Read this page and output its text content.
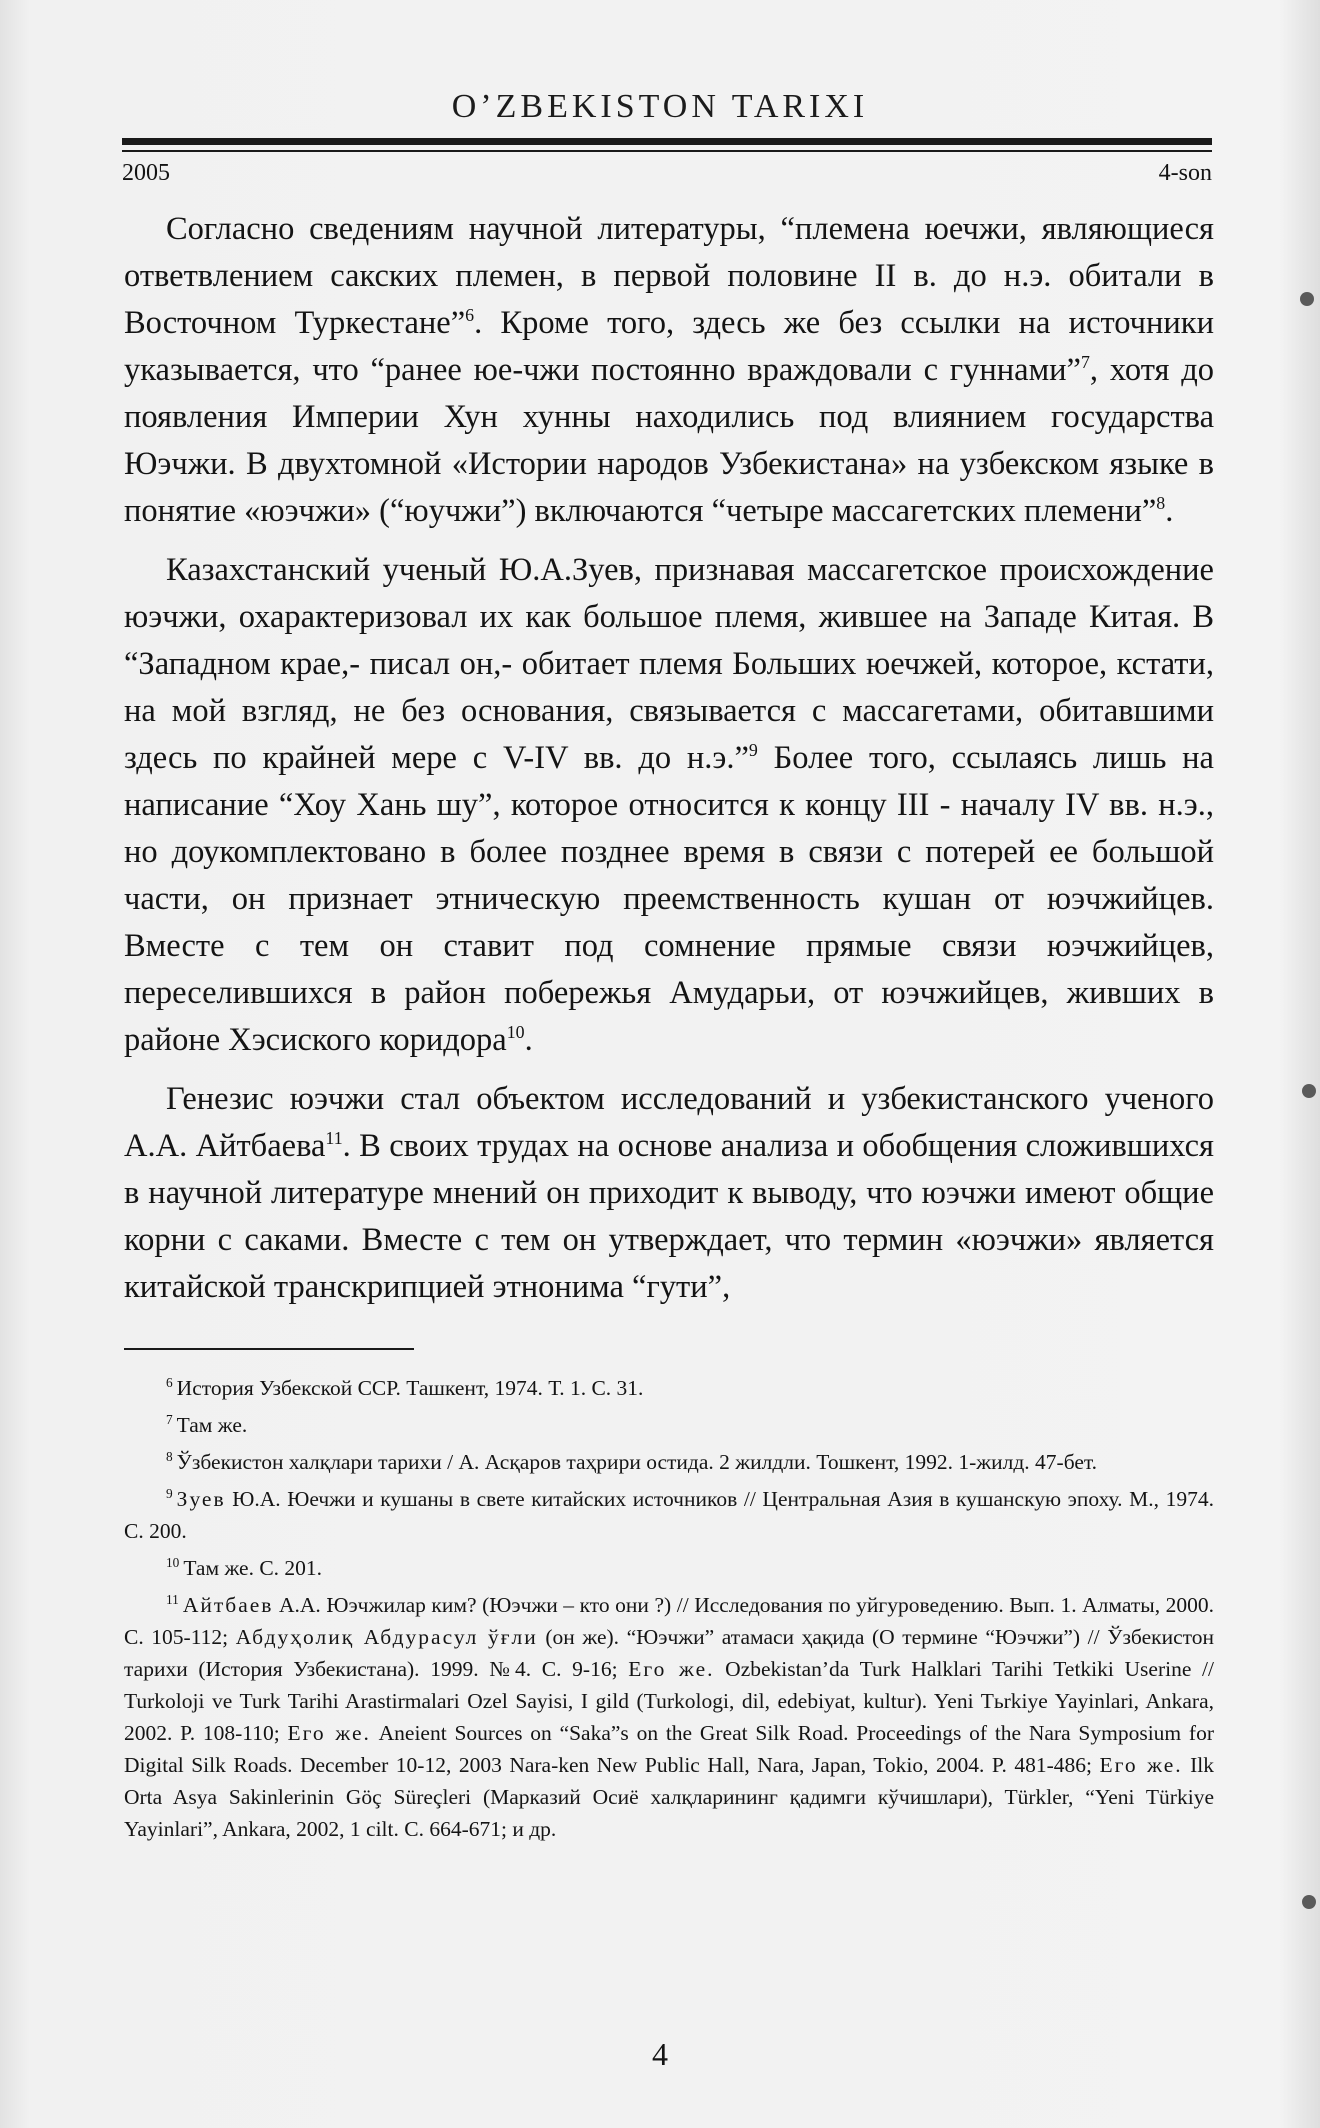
O’ZBEKISTON TARIXI
2005	4-son

Согласно сведениям научной литературы, “племена юечжи, являющиеся ответвлением сакских племен, в первой половине II в. до н.э. обитали в Восточном Туркестане”$^6$. Кроме того, здесь же без ссылки на источники указывается, что “ранее юе-чжи постоянно враждовали с гуннами”$^7$, хотя до появления Империи Хун хунны находились под влиянием государства Юэчжи. В двухтомной «Истории народов Узбекистана» на узбекском языке в понятие «юэчжи» (“юучжи”) включаются “четыре массагетских племени”$^8$.

Казахстанский ученый Ю.А.Зуев, признавая массагетское происхождение юэчжи, охарактеризовал их как большое племя, жившее на Западе Китая. В “Западном крае,- писал он,- обитает племя Больших юечжей, которое, кстати, на мой взгляд, не без основания, связывается с массагетами, обитавшими здесь по крайней мере с V-IV вв. до н.э.”$^9$ Более того, ссылаясь лишь на написание “Хоу Хань шу”, которое относится к концу III - началу IV вв. н.э., но доукомплектовано в более позднее время в связи с потерей ее большой части, он признает этническую преемственность кушан от юэчжийцев. Вместе с тем он ставит под сомнение прямые связи юэчжийцев, переселившихся в район побережья Амударьи, от юэчжийцев, живших в районе Хэсиского коридора$^{10}$.

Генезис юэчжи стал объектом исследований и узбекистанского ученого А.А. Айтбаева$^{11}$. В своих трудах на основе анализа и обобщения сложившихся в научной литературе мнений он приходит к выводу, что юэчжи имеют общие корни с саками. Вместе с тем он утверждает, что термин «юэчжи» является китайской транскрипцией этнонима “гути”,

$^6$ История Узбекской ССР. Ташкент, 1974. Т. 1. С. 31.

$^7$ Там же.

$^8$ Ўзбекистон халқлари тарихи / А. Асқаров таҳрири остида. 2 жилдли. Тошкент, 1992. 1-жилд. 47-бет.

$^9$ Зуев Ю.А. Юечжи и кушаны в свете китайских источников // Центральная Азия в кушанскую эпоху. М., 1974. С. 200.

$^{10}$ Там же. С. 201.

$^{11}$ Айтбаев А.А. Юэчжилар ким? (Юэчжи – кто они ?) // Исследования по уйгуроведению. Вып. 1. Алматы, 2000. С. 105-112; Абдуҳолиқ Абдурасул ўғли (он же). “Юэчжи” атамаси ҳақида (О термине “Юэчжи”) // Ўзбекистон тарихи (История Узбекистана). 1999. №4. С. 9-16; Его же. Ozbekistan’da Turk Halklari Tarihi Tetkiki Userine // Turkoloji ve Turk Tarihi Arastirmalari Ozel Sayisi, I gild (Turkologi, dil, edebiyat, kultur). Yeni Tьrkiye Yayinlari, Ankara, 2002. P. 108-110; Его же. Aneient Sources on “Saka”s on the Great Silk Road. Proceedings of the Nara Symposium for Digital Silk Roads. December 10-12, 2003 Nara-ken New Public Hall, Nara, Japan, Tokio, 2004. P. 481-486; Его же. Ilk Orta Asya Sakinlerinin Göç Süreçleri (Марказий Осиё халқларининг қадимги кўчишлари), Türkler, “Yeni Türkiye Yayinlari”, Ankara, 2002, 1 cilt. C. 664-671; и др.

4
